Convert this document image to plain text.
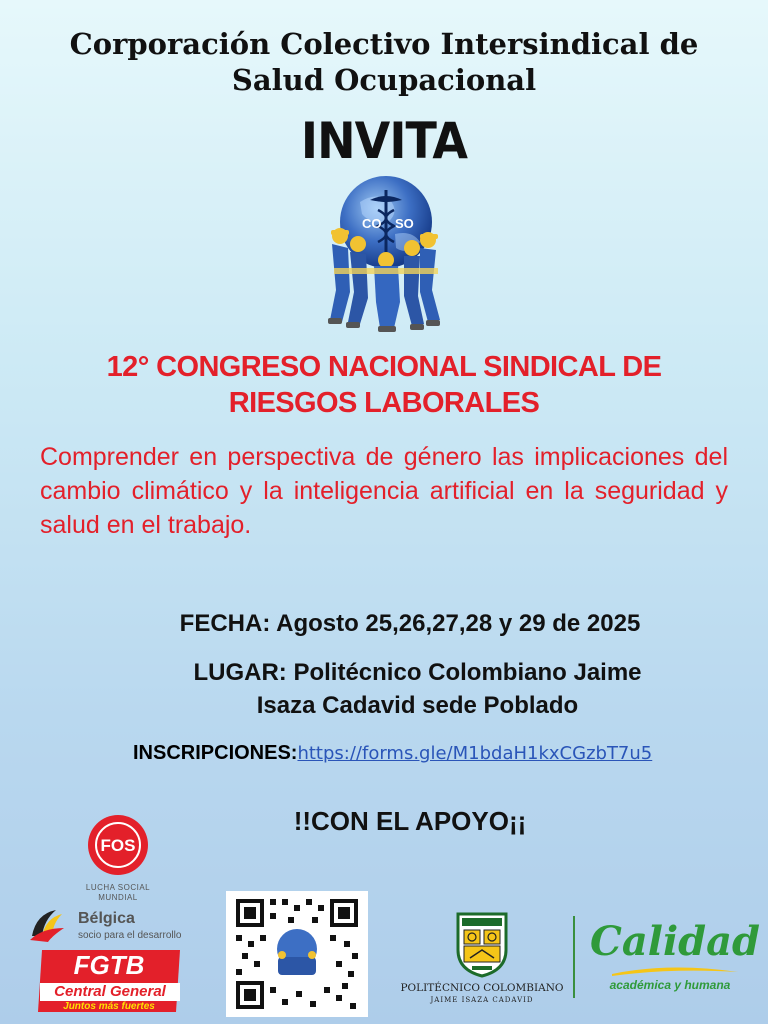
Corporación Colectivo Intersindical de
Salud Ocupacional
INVITA
CO SO
12° CONGRESO NACIONAL SINDICAL DE
RIESGOS LABORALES
Comprender en perspectiva de género las implicaciones del cambio climático y la inteligencia artificial en la seguridad y salud en el trabajo.
FECHA: Agosto 25,26,27,28 y 29 de 2025
LUGAR: Politécnico Colombiano Jaime
Isaza Cadavid sede Poblado
INSCRIPCIONES:https://forms.gle/M1bdaH1kxCGzbT7u5
!!CON EL APOYO¡¡
FOS
LUCHA SOCIAL
MUNDIAL
Bélgica
socio para el desarrollo
FGTB
Central General
Juntos más fuertes
POLITÉCNICO COLOMBIANO
JAIME ISAZA CADAVID
Calidad
académica y humana
